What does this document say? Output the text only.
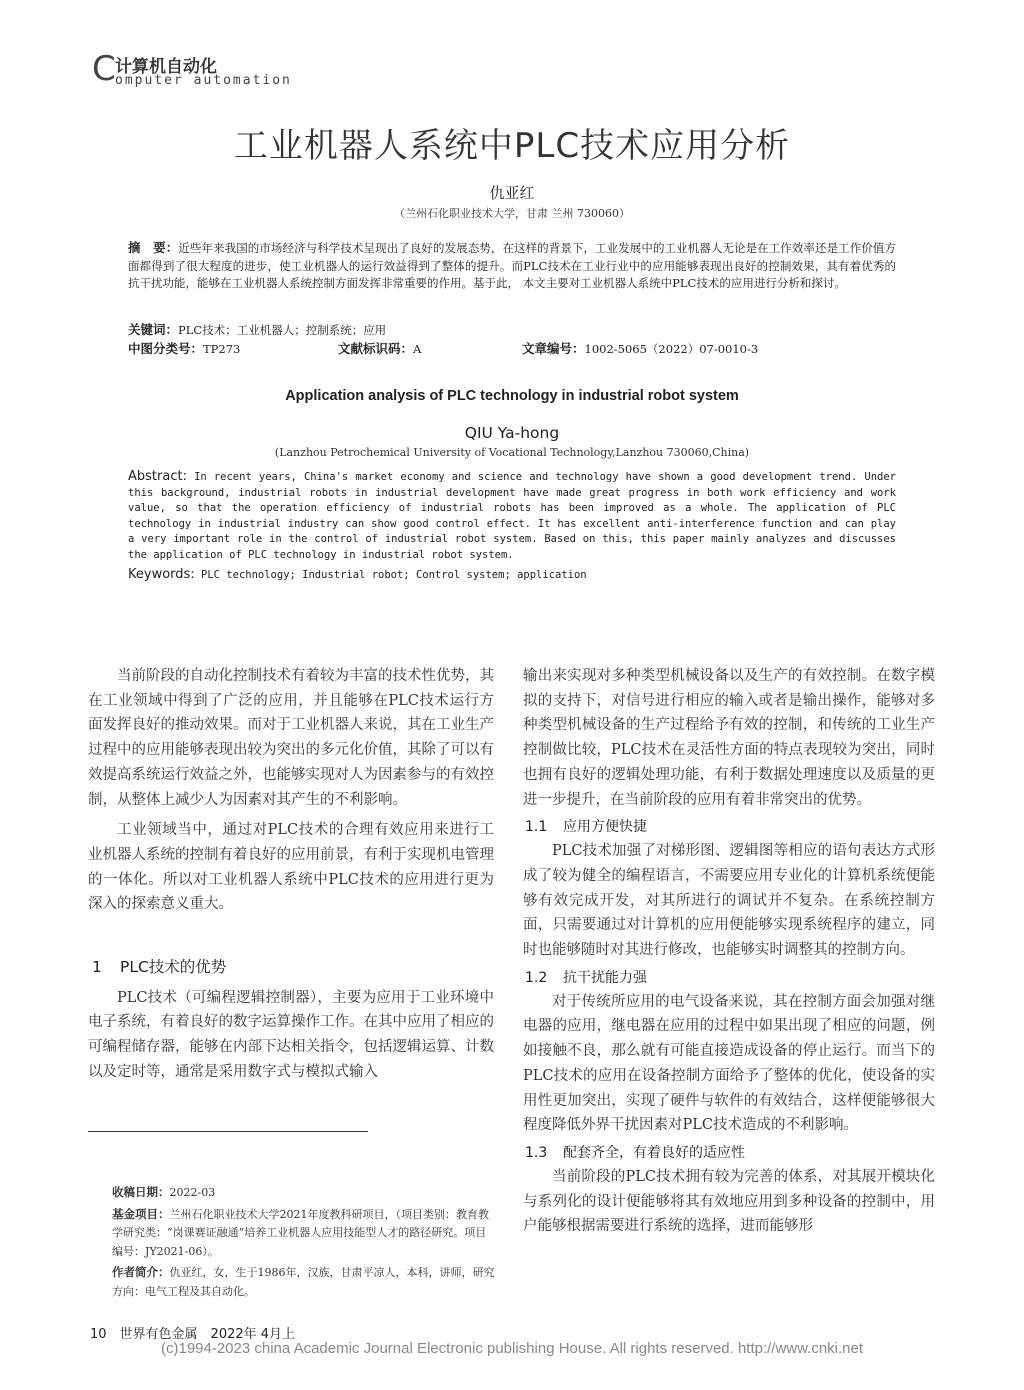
C 计算机自动化
omputer automation
工业机器人系统中PLC技术应用分析
仇亚红
（兰州石化职业技术大学，甘肃 兰州 730060）
摘　要：近些年来我国的市场经济与科学技术呈现出了良好的发展态势，在这样的背景下，工业发展中的工业机器人无论是在工作效率还是工作价值方面都得到了很大程度的进步，使工业机器人的运行效益得到了整体的提升。而PLC技术在工业行业中的应用能够表现出良好的控制效果，其有着优秀的抗干扰功能，能够在工业机器人系统控制方面发挥非常重要的作用。基于此， 本文主要对工业机器人系统中PLC技术的应用进行分析和探讨。
关键词：PLC技术；工业机器人；控制系统；应用
中图分类号：TP273	文献标识码：A	文章编号：1002-5065（2022）07-0010-3
Application analysis of PLC technology in industrial robot system
QIU Ya-hong
(Lanzhou Petrochemical University of Vocational Technology,Lanzhou 730060,China)
Abstract: In recent years, China's market economy and science and technology have shown a good development trend. Under this background, industrial robots in industrial development have made great progress in both work efficiency and work value, so that the operation efficiency of industrial robots has been improved as a whole. The application of PLC technology in industrial industry can show good control effect. It has excellent anti-interference function and can play a very important role in the control of industrial robot system. Based on this, this paper mainly analyzes and discusses the application of PLC technology in industrial robot system.
Keywords: PLC technology; Industrial robot; Control system; application

当前阶段的自动化控制技术有着较为丰富的技术性优势，其在工业领域中得到了广泛的应用，并且能够在PLC技术运行方面发挥良好的推动效果。而对于工业机器人来说，其在工业生产过程中的应用能够表现出较为突出的多元化价值，其除了可以有效提高系统运行效益之外，也能够实现对人为因素参与的有效控制，从整体上减少人为因素对其产生的不利影响。

工业领域当中，通过对PLC技术的合理有效应用来进行工业机器人系统的控制有着良好的应用前景，有利于实现机电管理的一体化。所以对工业机器人系统中PLC技术的应用进行更为深入的探索意义重大。

1 PLC技术的优势

PLC技术（可编程逻辑控制器），主要为应用于工业环境中电子系统，有着良好的数字运算操作工作。在其中应用了相应的可编程储存器，能够在内部下达相关指令，包括逻辑运算、计数以及定时等，通常是采用数字式与模拟式输入

收稿日期：2022-03

基金项目：兰州石化职业技术大学2021年度教科研项目，（项目类别：教育教学研究类：“岗课赛证融通”培养工业机器人应用技能型人才的路径研究。项目编号：JY2021-06）。

作者简介：仇亚红，女，生于1986年，汉族，甘肃平凉人，本科，讲师，研究方向：电气工程及其自动化。

输出来实现对多种类型机械设备以及生产的有效控制。在数字模拟的支持下，对信号进行相应的输入或者是输出操作，能够对多种类型机械设备的生产过程给予有效的控制，和传统的工业生产控制做比较，PLC技术在灵活性方面的特点表现较为突出，同时也拥有良好的逻辑处理功能，有利于数据处理速度以及质量的更进一步提升，在当前阶段的应用有着非常突出的优势。

1.1 应用方便快捷

PLC技术加强了对梯形图、逻辑图等相应的语句表达方式形成了较为健全的编程语言，不需要应用专业化的计算机系统便能够有效完成开发，对其所进行的调试并不复杂。在系统控制方面，只需要通过对计算机的应用便能够实现系统程序的建立，同时也能够随时对其进行修改，也能够实时调整其的控制方向。

1.2 抗干扰能力强

对于传统所应用的电气设备来说，其在控制方面会加强对继电器的应用，继电器在应用的过程中如果出现了相应的问题，例如接触不良，那么就有可能直接造成设备的停止运行。而当下的PLC技术的应用在设备控制方面给予了整体的优化，使设备的实用性更加突出，实现了硬件与软件的有效结合，这样便能够很大程度降低外界干扰因素对PLC技术造成的不利影响。

1.3 配套齐全，有着良好的适应性

当前阶段的PLC技术拥有较为完善的体系，对其展开模块化与系列化的设计便能够将其有效地应用到多种设备的控制中，用户能够根据需要进行系统的选择，进而能够形

10　世界有色金属　2022年 4月上
(c)1994-2023 china Academic Journal Electronic publishing House. All rights reserved. http://www.cnki.net
